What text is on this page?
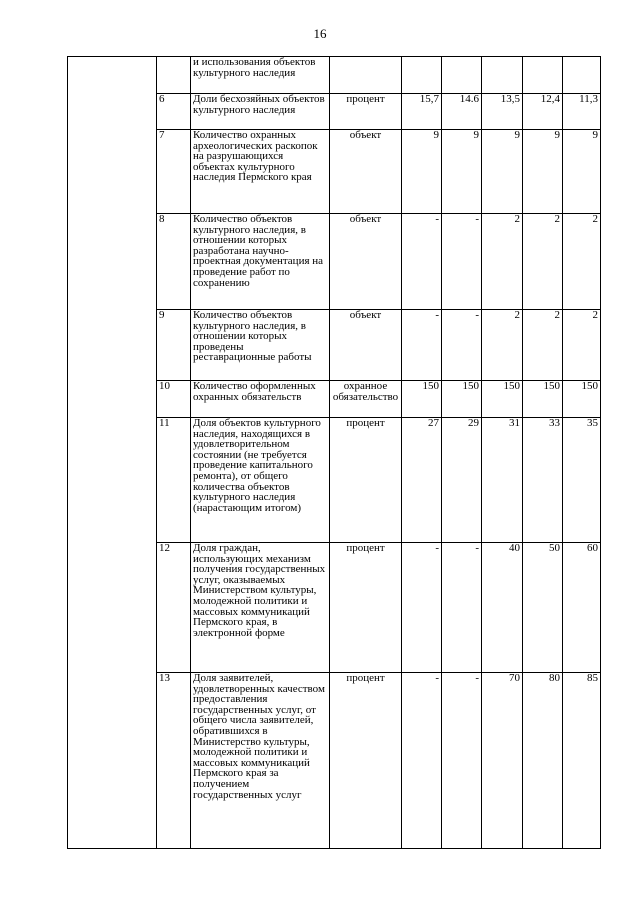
16
		и использования объектов культурного наследия						
	6	Доли бесхозяйных объектов культурного наследия	процент	15,7	14.6	13,5	12,4	11,3
	7	Количество охранных археологических раскопок на разрушающихся объектах культурного наследия Пермского края	объект	9	9	9	9	9
	8	Количество объектов культурного наследия, в отношении которых разработана научно-проектная документация на проведение работ по сохранению	объект	-	-	2	2	2
	9	Количество объектов культурного наследия, в отношении которых проведены реставрационные работы	объект	-	-	2	2	2
	10	Количество оформленных охранных обязательств	охранное обязательство	150	150	150	150	150
	11	Доля объектов культурного наследия, находящихся в удовлетворительном состоянии (не требуется проведение капитального ремонта), от общего количества объектов культурного наследия (нарастающим итогом)	процент	27	29	31	33	35
	12	Доля граждан, использующих механизм получения государственных услуг, оказываемых Министерством культуры, молодежной политики и массовых коммуникаций Пермского края, в электронной форме	процент	-	-	40	50	60
	13	Доля заявителей, удовлетворенных качеством предоставления государственных услуг, от общего числа заявителей, обратившихся в Министерство культуры, молодежной политики и массовых коммуникаций Пермского края за получением государственных услуг	процент	-	-	70	80	85
